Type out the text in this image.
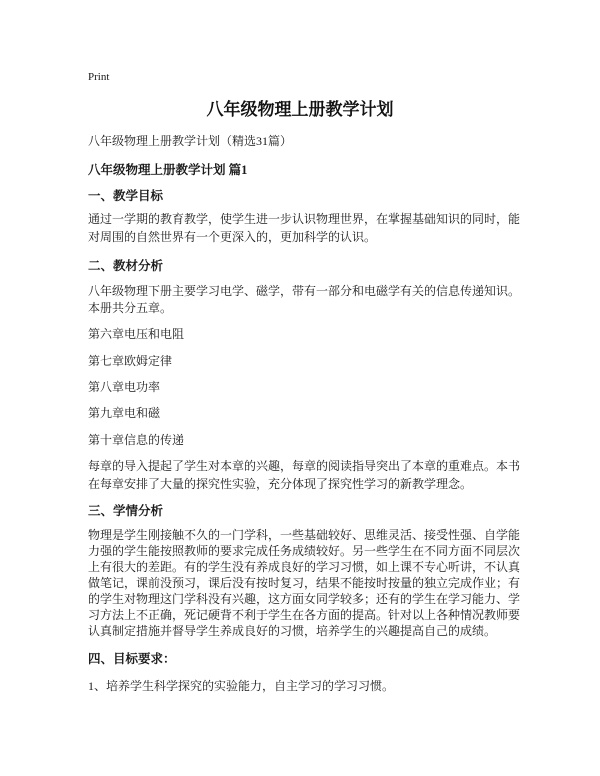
Print
八年级物理上册教学计划
八年级物理上册教学计划（精选31篇）
八年级物理上册教学计划 篇1
一、教学目标
通过一学期的教育教学，使学生进一步认识物理世界，在掌握基础知识的同时，能
对周围的自然世界有一个更深入的，更加科学的认识。
二、教材分析
八年级物理下册主要学习电学、磁学，带有一部分和电磁学有关的信息传递知识。
本册共分五章。
第六章电压和电阻
第七章欧姆定律
第八章电功率
第九章电和磁
第十章信息的传递
每章的导入提起了学生对本章的兴趣，每章的阅读指导突出了本章的重难点。本书
在每章安排了大量的探究性实验，充分体现了探究性学习的新教学理念。
三、学情分析
物理是学生刚接触不久的一门学科，一些基础较好、思维灵活、接受性强、自学能
力强的学生能按照教师的要求完成任务成绩较好。另一些学生在不同方面不同层次
上有很大的差距。有的学生没有养成良好的学习习惯，如上课不专心听讲，不认真
做笔记，课前没预习，课后没有按时复习，结果不能按时按量的独立完成作业；有
的学生对物理这门学科没有兴趣，这方面女同学较多；还有的学生在学习能力、学
习方法上不正确，死记硬背不利于学生在各方面的提高。针对以上各种情况教师要
认真制定措施并督导学生养成良好的习惯，培养学生的兴趣提高自己的成绩。
四、目标要求：
1、培养学生科学探究的实验能力，自主学习的学习习惯。
